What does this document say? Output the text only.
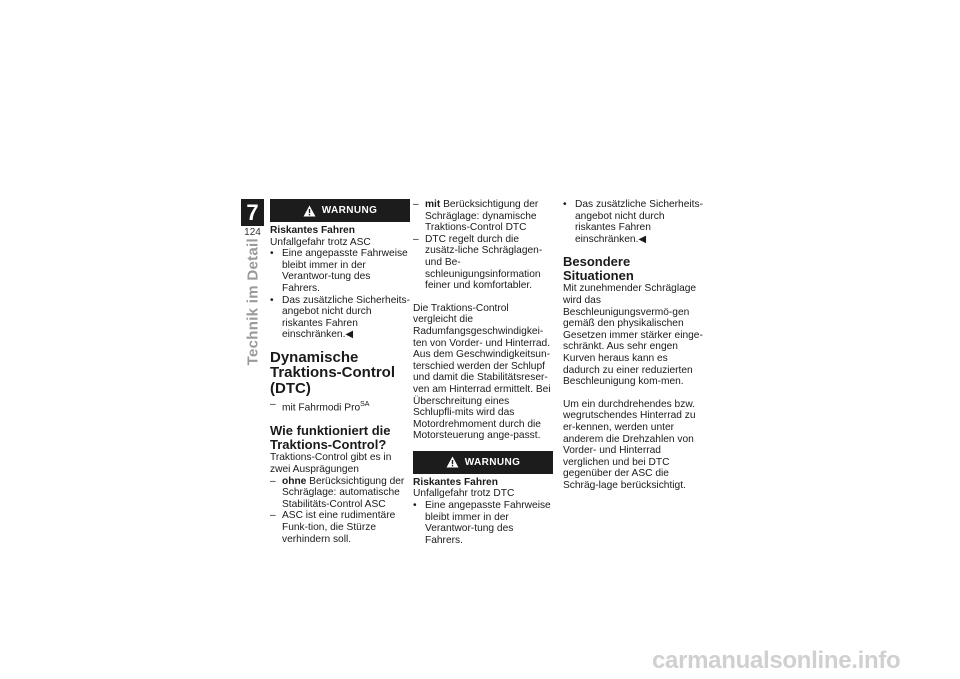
7
124
Technik im Detail
WARNUNG

Riskantes Fahren

Unfallgefahr trotz ASC

• Eine angepasste Fahrweise bleibt immer in der Verantwor-tung des Fahrers.
• Das zusätzliche Sicherheits-angebot nicht durch riskantes Fahren einschränken.◀
Dynamische Traktions-Control (DTC)
– mit Fahrmodi Pro$^{SA}$
Wie funktioniert die Traktions-Control?

Traktions-Control gibt es in zwei Ausprägungen

– ohne Berücksichtigung der Schräglage: automatische Stabilitäts-Control ASC
– ASC ist eine rudimentäre Funk-tion, die Stürze verhindern soll.
– mit Berücksichtigung der Schräglage: dynamische Traktions-Control DTC
– DTC regelt durch die zusätz-liche Schräglagen- und Be-schleunigungsinformation feiner und komfortabler.

Die Traktions-Control vergleicht die Radumfangsgeschwindigkei-ten von Vorder- und Hinterrad. Aus dem Geschwindigkeitsun-terschied werden der Schlupf und damit die Stabilitätsreser-ven am Hinterrad ermittelt. Bei Überschreitung eines Schlupfli-mits wird das Motordrehmoment durch die Motorsteuerung ange-passt.

WARNUNG

Riskantes Fahren

Unfallgefahr trotz DTC

• Eine angepasste Fahrweise bleibt immer in der Verantwor-tung des Fahrers.
• Das zusätzliche Sicherheits-angebot nicht durch riskantes Fahren einschränken.◀
Besondere Situationen

Mit zunehmender Schräglage wird das Beschleunigungsvermö-gen gemäß den physikalischen Gesetzen immer stärker einge-schränkt. Aus sehr engen Kurven heraus kann es dadurch zu einer reduzierten Beschleunigung kom-men.

Um ein durchdrehendes bzw. wegrutschendes Hinterrad zu er-kennen, werden unter anderem die Drehzahlen von Vorder- und Hinterrad verglichen und bei DTC gegenüber der ASC die Schräg-lage berücksichtigt.

carmanualsonline.info
